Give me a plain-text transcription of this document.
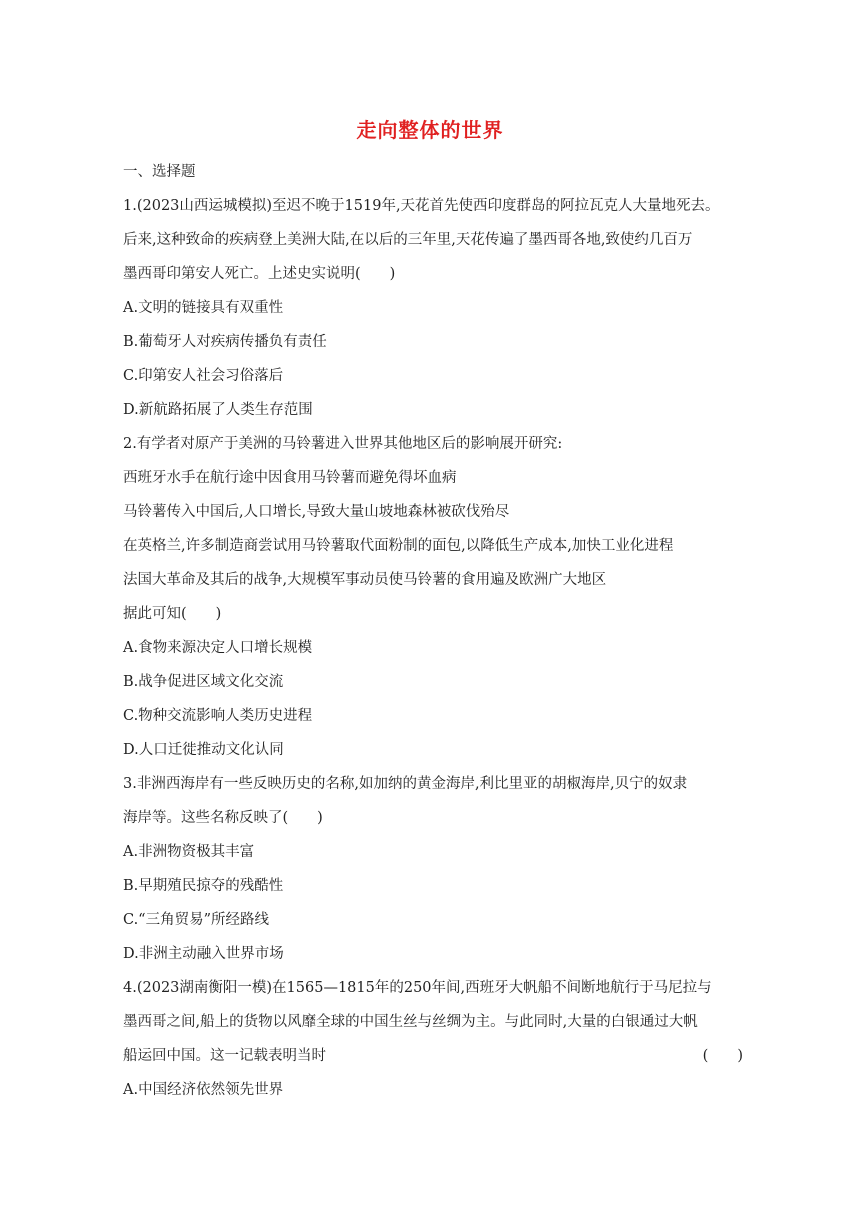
走向整体的世界
一、选择题
1.(2023山西运城模拟)至迟不晚于1519年,天花首先使西印度群岛的阿拉瓦克人大量地死去。
后来,这种致命的疾病登上美洲大陆,在以后的三年里,天花传遍了墨西哥各地,致使约几百万
墨西哥印第安人死亡。上述史实说明(　　)
A.文明的链接具有双重性
B.葡萄牙人对疾病传播负有责任
C.印第安人社会习俗落后
D.新航路拓展了人类生存范围
2.有学者对原产于美洲的马铃薯进入世界其他地区后的影响展开研究:
西班牙水手在航行途中因食用马铃薯而避免得坏血病
马铃薯传入中国后,人口增长,导致大量山坡地森林被砍伐殆尽
在英格兰,许多制造商尝试用马铃薯取代面粉制的面包,以降低生产成本,加快工业化进程
法国大革命及其后的战争,大规模军事动员使马铃薯的食用遍及欧洲广大地区
据此可知(　　)
A.食物来源决定人口增长规模
B.战争促进区域文化交流
C.物种交流影响人类历史进程
D.人口迁徙推动文化认同
3.非洲西海岸有一些反映历史的名称,如加纳的黄金海岸,利比里亚的胡椒海岸,贝宁的奴隶
海岸等。这些名称反映了(　　)
A.非洲物资极其丰富
B.早期殖民掠夺的残酷性
C.“三角贸易”所经路线
D.非洲主动融入世界市场
4.(2023湖南衡阳一模)在1565—1815年的250年间,西班牙大帆船不间断地航行于马尼拉与
墨西哥之间,船上的货物以风靡全球的中国生丝与丝绸为主。与此同时,大量的白银通过大帆
船运回中国。这一记载表明当时	(　　)
A.中国经济依然领先世界
